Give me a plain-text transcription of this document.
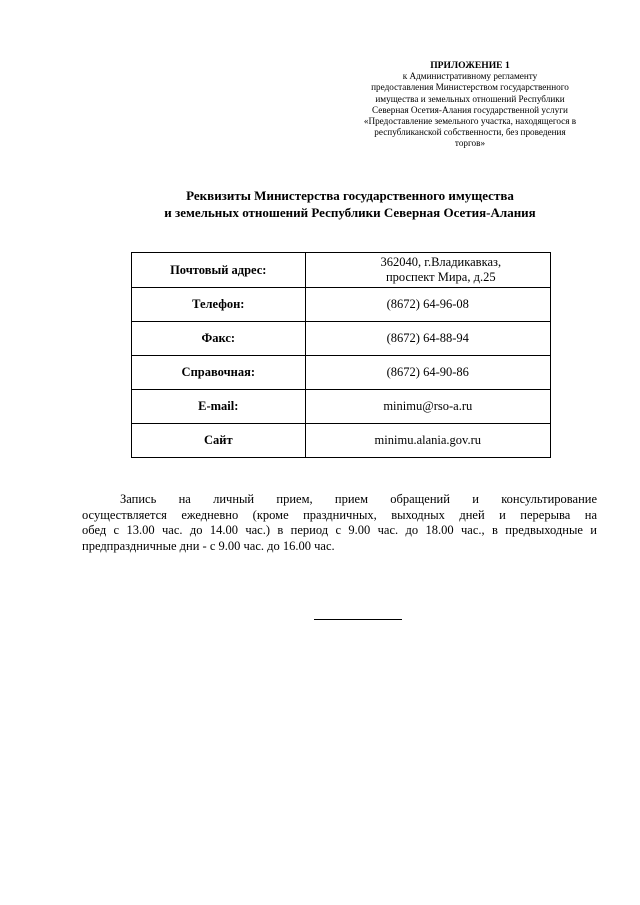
ПРИЛОЖЕНИЕ 1
к Административному регламенту
предоставления Министерством государственного
имущества и земельных отношений Республики
Северная Осетия-Алания государственной услуги
«Предоставление земельного участка, находящегося в
республиканской собственности, без проведения
торгов»
Реквизиты Министерства государственного имущества
и земельных отношений Республики Северная Осетия-Алания
Почтовый адрес:	362040, г.Владикавказ,
проспект Мира, д.25

Телефон:	(8672) 64-96-08
Факс:	(8672) 64-88-94
Справочная:	(8672) 64-90-86
E-mail:	minimu@rso-a.ru
Сайт	minimu.alania.gov.ru
Запись на личный прием, прием обращений и консультирование
осуществляется ежедневно (кроме праздничных, выходных дней и перерыва на
обед с 13.00 час. до 14.00 час.) в период с 9.00 час. до 18.00 час., в предвыходные и
предпраздничные дни - с 9.00 час. до 16.00 час.
